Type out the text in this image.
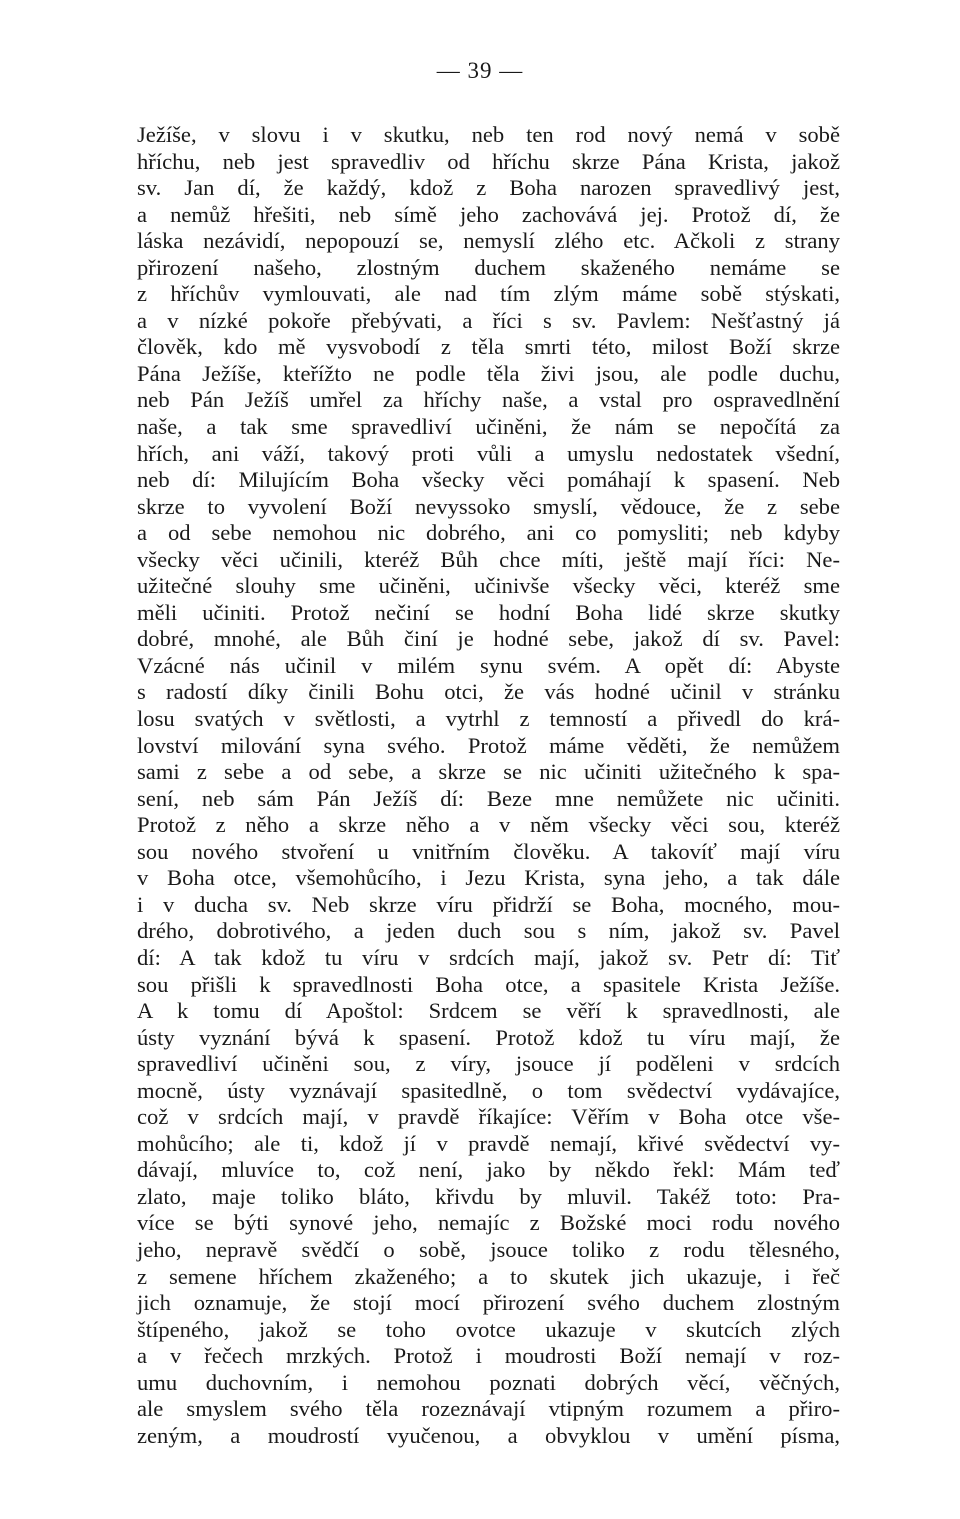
— 39 —
Ježíše, v slovu i v skutku, neb ten rod nový nemá v sobě
hříchu, neb jest spravedliv od hříchu skrze Pána Krista, jakož
sv. Jan dí, že každý, kdož z Boha narozen spravedlivý jest,
a nemůž hřešiti, neb símě jeho zachovává jej. Protož dí, že
láska nezávidí, nepopouzí se, nemyslí zlého etc. Ačkoli z strany
přirození našeho, zlostným duchem skaženého nemáme se
z hříchův vymlouvati, ale nad tím zlým máme sobě stýskati,
a v nízké pokoře přebývati, a říci s sv. Pavlem: Nešťastný já
člověk, kdo mě vysvobodí z těla smrti této, milost Boží skrze
Pána Ježíše, kteřížto ne podle těla živi jsou, ale podle duchu,
neb Pán Ježíš umřel za hříchy naše, a vstal pro ospravedlnění
naše, a tak sme spravedliví učiněni, že nám se nepočítá za
hřích, ani váží, takový proti vůli a umyslu nedostatek všední,
neb dí: Milujícím Boha všecky věci pomáhají k spasení. Neb
skrze to vyvolení Boží nevyssoko smyslí, vědouce, že z sebe
a od sebe nemohou nic dobrého, ani co pomysliti; neb kdyby
všecky věci učinili, kteréž Bůh chce míti, ještě mají říci: Ne-
užitečné slouhy sme učiněni, učinivše všecky věci, kteréž sme
měli učiniti. Protož nečiní se hodní Boha lidé skrze skutky
dobré, mnohé, ale Bůh činí je hodné sebe, jakož dí sv. Pavel:
Vzácné nás učinil v milém synu svém. A opět dí: Abyste
s radostí díky činili Bohu otci, že vás hodné učinil v stránku
losu svatých v světlosti, a vytrhl z temností a přivedl do krá-
lovství milování syna svého. Protož máme věděti, že nemůžem
sami z sebe a od sebe, a skrze se nic učiniti užitečného k spa-
sení, neb sám Pán Ježíš dí: Beze mne nemůžete nic učiniti.
Protož z něho a skrze něho a v něm všecky věci sou, kteréž
sou nového stvoření u vnitřním člověku. A takovíť mají víru
v Boha otce, všemohůcího, i Jezu Krista, syna jeho, a tak dále
i v ducha sv. Neb skrze víru přidrží se Boha, mocného, mou-
drého, dobrotivého, a jeden duch sou s ním, jakož sv. Pavel
dí: A tak kdož tu víru v srdcích mají, jakož sv. Petr dí: Tiť
sou přišli k spravedlnosti Boha otce, a spasitele Krista Ježíše.
A k tomu dí Apoštol: Srdcem se věří k spravedlnosti, ale
ústy vyznání bývá k spasení. Protož kdož tu víru mají, že
spravedliví učiněni sou, z víry, jsouce jí poděleni v srdcích
mocně, ústy vyznávají spasitedlně, o tom svědectví vydávajíce,
což v srdcích mají, v pravdě říkajíce: Věřím v Boha otce vše-
mohůcího; ale ti, kdož jí v pravdě nemají, křivé svědectví vy-
dávají, mluvíce to, což není, jako by někdo řekl: Mám teď
zlato, maje toliko bláto, křivdu by mluvil. Takéž toto: Pra-
více se býti synové jeho, nemajíc z Božské moci rodu nového
jeho, nepravě svědčí o sobě, jsouce toliko z rodu tělesného,
z semene hříchem zkaženého; a to skutek jich ukazuje, i řeč
jich oznamuje, že stojí mocí přirození svého duchem zlostným
štípeného, jakož se toho ovotce ukazuje v skutcích zlých
a v řečech mrzkých. Protož i moudrosti Boží nemají v roz-
umu duchovním, i nemohou poznati dobrých věcí, věčných,
ale smyslem svého těla rozeznávají vtipným rozumem a přiro-
zeným, a moudrostí vyučenou, a obvyklou v umění písma,
